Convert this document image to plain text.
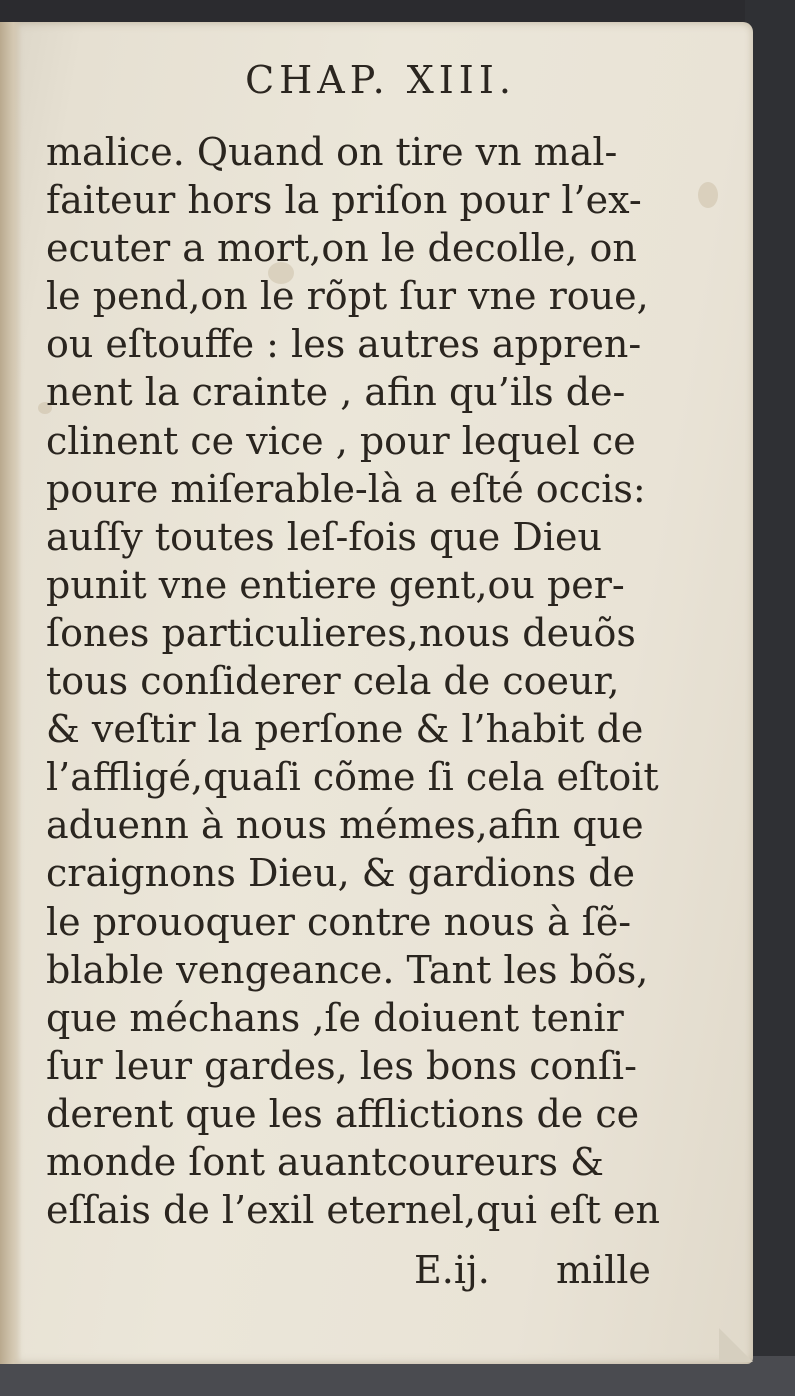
CHAP. XIII.
malice. Quand on tire vn mal-
faiteur hors la priſon pour l’ex-
ecuter a mort,on le decolle, on
le pend,on le rõpt ſur vne roue,
ou eſtouffe : les autres appren-
nent la crainte , afin qu’ils de-
clinent ce vice , pour lequel ce
poure miſerable-là a eſté occis:
auſſy toutes leſ-fois que Dieu
punit vne entiere gent,ou per-
ſones particulieres,nous deuõs
tous conſiderer cela de coeur,
& veſtir la perſone & l’habit de
l’affligé,quaſi cõme ſi cela eſtoit
aduenn à nous mémes,afin que
craignons Dieu, & gardions de
le prouoquer contre nous à ſẽ-
blable vengeance. Tant les bõs,
que méchans ,ſe doiuent tenir
ſur leur gardes, les bons conſi-
derent que les afflictions de ce
monde ſont auantcoureurs &
eſſais de l’exil eternel,qui eſt en
E.ij. mille
